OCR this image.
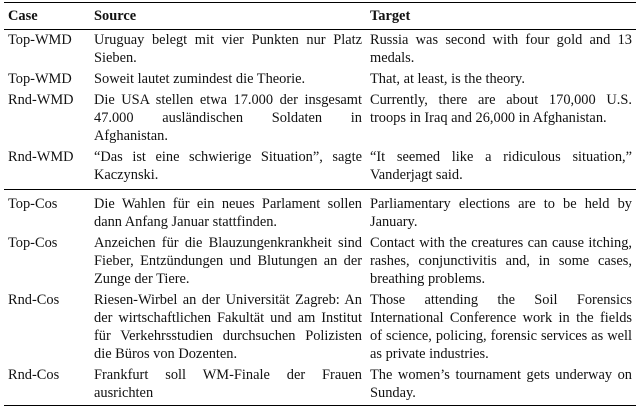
Case	Source	Target
Top-WMD	Uruguay belegt mit vier Punkten nur Platz Sieben.	Russia was second with four gold and 13 medals.
Top-WMD	Soweit lautet zumindest die Theorie.	That, at least, is the theory.
Rnd-WMD	Die USA stellen etwa 17.000 der insgesamt 47.000 ausländischen Soldaten in Afghanistan.	Currently, there are about 170,000 U.S. troops in Iraq and 26,000 in Afghanistan.
Rnd-WMD	“Das ist eine schwierige Situation”, sagte Kaczynski.	“It seemed like a ridiculous situation,” Vanderjagt said.
Top-Cos	Die Wahlen für ein neues Parlament sollen dann Anfang Januar stattfinden.	Parliamentary elections are to be held by January.
Top-Cos	Anzeichen für die Blauzungenkrankheit sind Fieber, Entzündungen und Blutungen an der Zunge der Tiere.	Contact with the creatures can cause itching, rashes, conjunctivitis and, in some cases, breathing problems.
Rnd-Cos	Riesen-Wirbel an der Universität Zagreb: An der wirtschaftlichen Fakultät und am Institut für Verkehrsstudien durchsuchen Polizisten die Büros von Dozenten.	Those attending the Soil Forensics International Conference work in the fields of science, policing, forensic services as well as private industries.
Rnd-Cos	Frankfurt soll WM-Finale der Frauen ausrichten	The women’s tournament gets underway on Sunday.
